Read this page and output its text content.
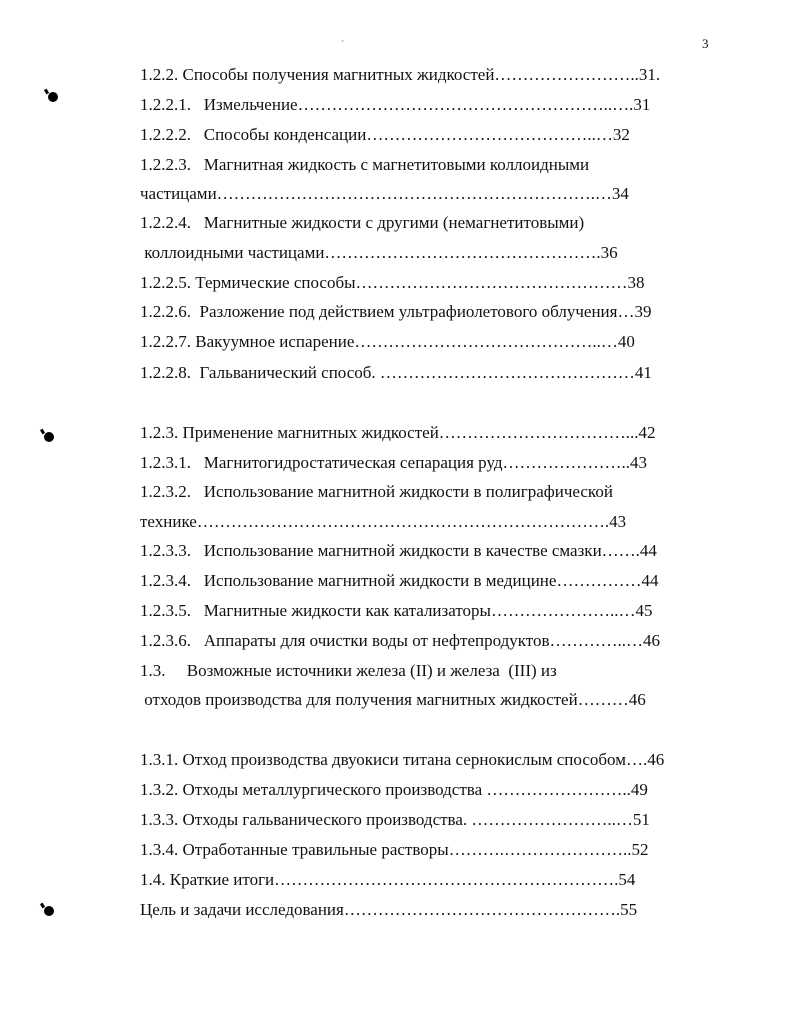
3
`
1.2.2. Способы получения магнитных жидкостей……………………..31.
1.2.2.1.   Измельчение………………………………………………..….31
1.2.2.2.   Способы конденсации…………………………………..…32
1.2.2.3.   Магнитная жидкость с магнетитовыми коллоидными
частицами………………………………………………………….…34
1.2.2.4.   Магнитные жидкости с другими (немагнетитовыми)
коллоидными частицами………………………………………….36
1.2.2.5. Термические способы…………………………………………38
1.2.2.6.  Разложение под действием ультрафиолетового облучения…39
1.2.2.7. Вакуумное испарение……………………………………..…40
1.2.2.8.  Гальванический способ. ………………………………………41
1.2.3. Применение магнитных жидкостей……………………………...42
1.2.3.1.   Магнитогидростатическая сепарация руд…………………..43
1.2.3.2.   Использование магнитной жидкости в полиграфической
технике……………………………………………………………….43
1.2.3.3.   Использование магнитной жидкости в качестве смазки…….44
1.2.3.4.   Использование магнитной жидкости в медицине……………44
1.2.3.5.   Магнитные жидкости как катализаторы…………………..…45
1.2.3.6.   Аппараты для очистки воды от нефтепродуктов…………..…46
1.3.     Возможные источники железа (II) и железа  (III) из
отходов производства для получения магнитных жидкостей………46
1.3.1. Отход производства двуокиси титана сернокислым способом….46
1.3.2. Отходы металлургического производства ……………………..49
1.3.3. Отходы гальванического производства. ……………………..…51
1.3.4. Отработанные травильные растворы……….…………………..52
1.4. Краткие итоги…………………………………………………….54
Цель и задачи исследования………………………………………….55
